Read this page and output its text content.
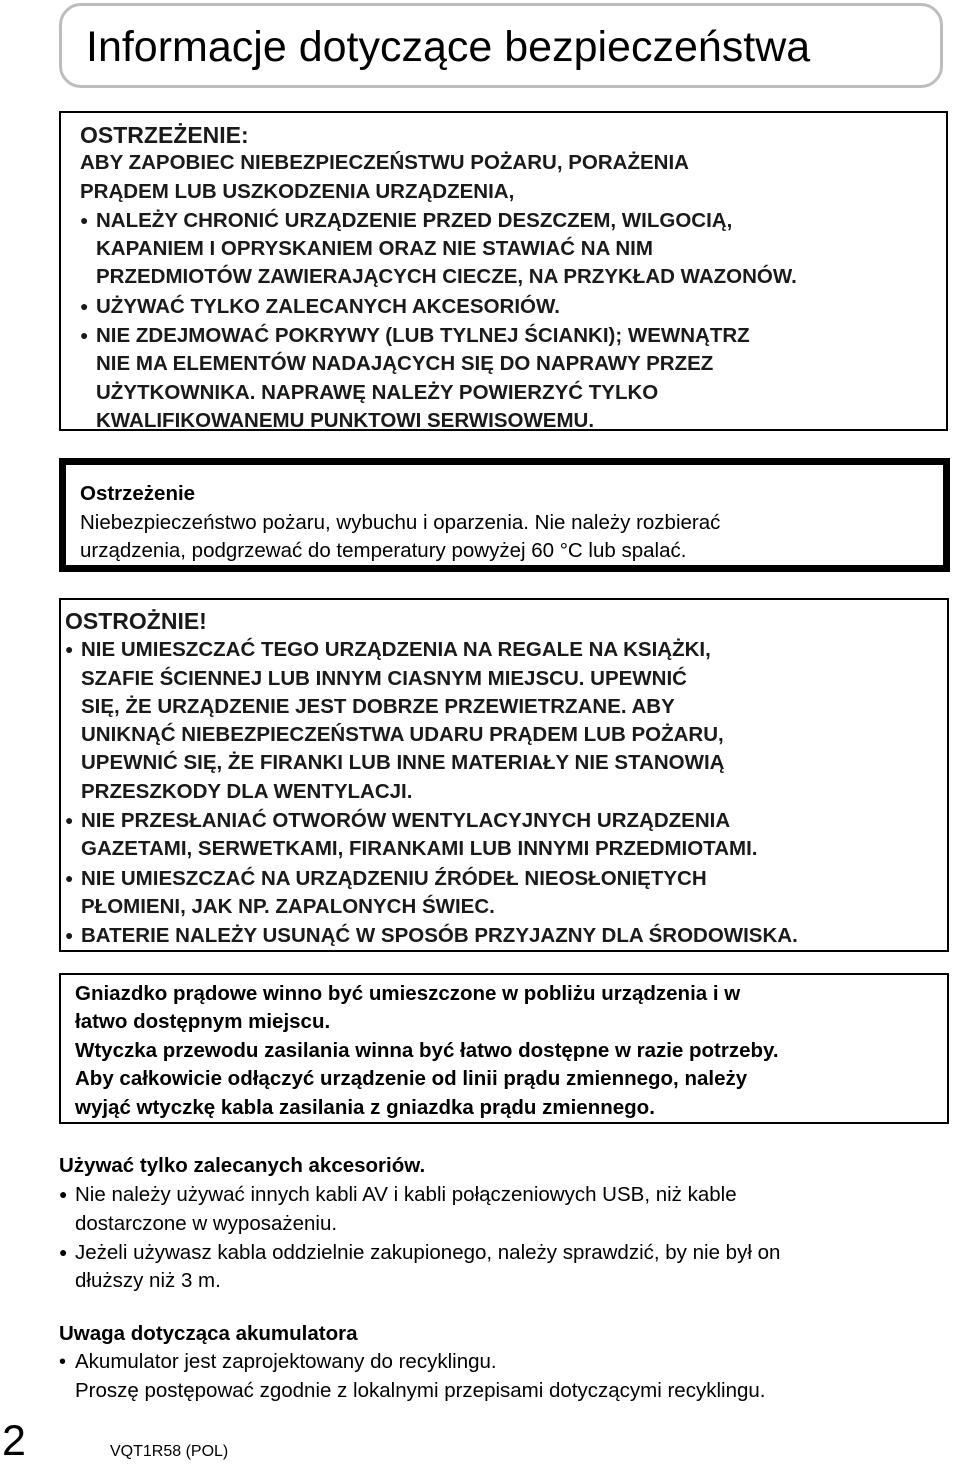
Informacje dotyczące bezpieczeństwa

OSTRZEŻENIE:

ABY ZAPOBIEC NIEBEZPIECZEŃSTWU POŻARU, PORAŻENIA

PRĄDEM LUB USZKODZENIA URZĄDZENIA,

● NALEŻY CHRONIĆ URZĄDZENIE PRZED DESZCZEM, WILGOCIĄ,
KAPANIEM I OPRYSKANIEM ORAZ NIE STAWIAĆ NA NIM
PRZEDMIOTÓW ZAWIERAJĄCYCH CIECZE, NA PRZYKŁAD WAZONÓW.
● UŻYWAĆ TYLKO ZALECANYCH AKCESORIÓW.
● NIE ZDEJMOWAĆ POKRYWY (LUB TYLNEJ ŚCIANKI); WEWNĄTRZ
NIE MA ELEMENTÓW NADAJĄCYCH SIĘ DO NAPRAWY PRZEZ
UŻYTKOWNIKA. NAPRAWĘ NALEŻY POWIERZYĆ TYLKO
KWALIFIKOWANEMU PUNKTOWI SERWISOWEMU.

Ostrzeżenie

Niebezpieczeństwo pożaru, wybuchu i oparzenia. Nie należy rozbierać

urządzenia, podgrzewać do temperatury powyżej 60 °C lub spalać.

OSTROŻNIE!

● NIE UMIESZCZAĆ TEGO URZĄDZENIA NA REGALE NA KSIĄŻKI,
SZAFIE ŚCIENNEJ LUB INNYM CIASNYM MIEJSCU. UPEWNIĆ
SIĘ, ŻE URZĄDZENIE JEST DOBRZE PRZEWIETRZANE. ABY
UNIKNĄĆ NIEBEZPIECZEŃSTWA UDARU PRĄDEM LUB POŻARU,
UPEWNIĆ SIĘ, ŻE FIRANKI LUB INNE MATERIAŁY NIE STANOWIĄ
PRZESZKODY DLA WENTYLACJI.
● NIE PRZESŁANIAĆ OTWORÓW WENTYLACYJNYCH URZĄDZENIA
GAZETAMI, SERWETKAMI, FIRANKAMI LUB INNYMI PRZEDMIOTAMI.
● NIE UMIESZCZAĆ NA URZĄDZENIU ŹRÓDEŁ NIEOSŁONIĘTYCH
PŁOMIENI, JAK NP. ZAPALONYCH ŚWIEC.
● BATERIE NALEŻY USUNĄĆ W SPOSÓB PRZYJAZNY DLA ŚRODOWISKA.

Gniazdko prądowe winno być umieszczone w pobliżu urządzenia i w

łatwo dostępnym miejscu.

Wtyczka przewodu zasilania winna być łatwo dostępne w razie potrzeby.

Aby całkowicie odłączyć urządzenie od linii prądu zmiennego, należy

wyjąć wtyczkę kabla zasilania z gniazdka prądu zmiennego.

Używać tylko zalecanych akcesoriów.

● Nie należy używać innych kabli AV i kabli połączeniowych USB, niż kable
dostarczone w wyposażeniu.
● Jeżeli używasz kabla oddzielnie zakupionego, należy sprawdzić, by nie był on
dłuższy niż 3 m.

Uwaga dotycząca akumulatora

• Akumulator jest zaprojektowany do recyklingu.
Proszę postępować zgodnie z lokalnymi przepisami dotyczącymi recyklingu.
2	VQT1R58 (POL)
